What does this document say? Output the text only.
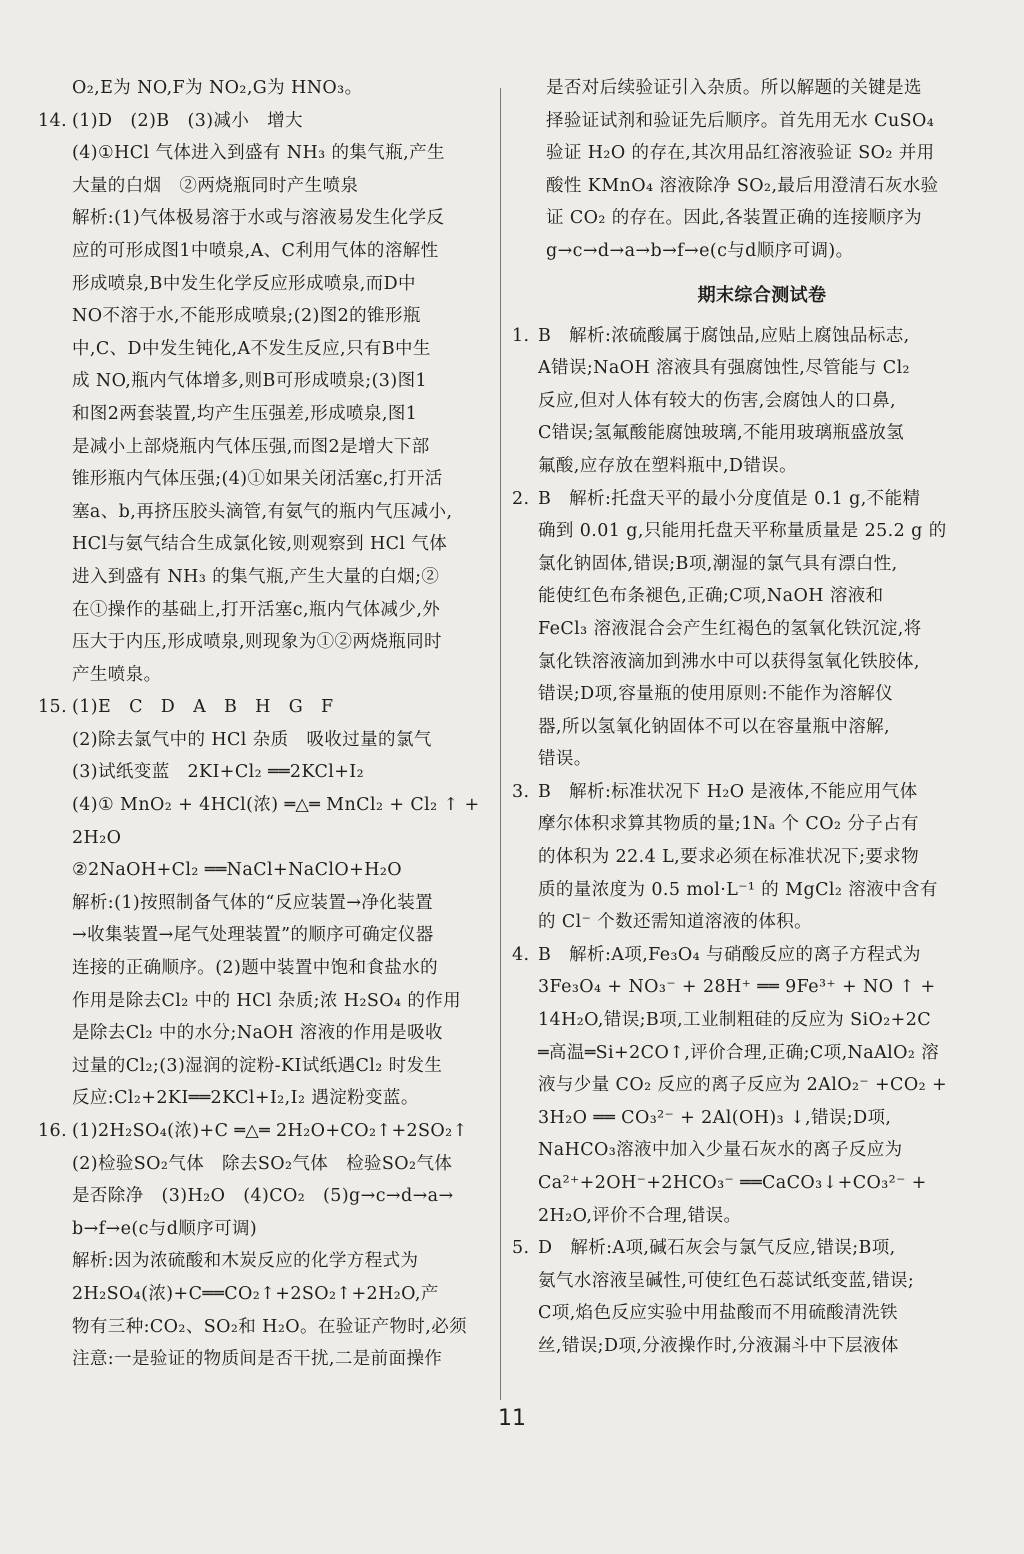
O₂,E为 NO,F为 NO₂,G为 HNO₃。
14. (1)D　(2)B　(3)减小　增大
(4)①HCl 气体进入到盛有 NH₃ 的集气瓶,产生
大量的白烟　②两烧瓶同时产生喷泉
解析:(1)气体极易溶于水或与溶液易发生化学反
应的可形成图1中喷泉,A、C利用气体的溶解性
形成喷泉,B中发生化学反应形成喷泉,而D中
NO不溶于水,不能形成喷泉;(2)图2的锥形瓶
中,C、D中发生钝化,A不发生反应,只有B中生
成 NO,瓶内气体增多,则B可形成喷泉;(3)图1
和图2两套装置,均产生压强差,形成喷泉,图1
是减小上部烧瓶内气体压强,而图2是增大下部
锥形瓶内气体压强;(4)①如果关闭活塞c,打开活
塞a、b,再挤压胶头滴管,有氨气的瓶内气压减小,
HCl与氨气结合生成氯化铵,则观察到 HCl 气体
进入到盛有 NH₃ 的集气瓶,产生大量的白烟;②
在①操作的基础上,打开活塞c,瓶内气体减少,外
压大于内压,形成喷泉,则现象为①②两烧瓶同时
产生喷泉。
15. (1)E　C　D　A　B　H　G　F
(2)除去氯气中的 HCl 杂质　吸收过量的氯气
(3)试纸变蓝　2KI+Cl₂ ══2KCl+I₂
(4)① MnO₂ + 4HCl(浓) ═△═ MnCl₂ + Cl₂ ↑ +
2H₂O
②2NaOH+Cl₂ ══NaCl+NaClO+H₂O
解析:(1)按照制备气体的“反应装置→净化装置
→收集装置→尾气处理装置”的顺序可确定仪器
连接的正确顺序。(2)题中装置中饱和食盐水的
作用是除去Cl₂ 中的 HCl 杂质;浓 H₂SO₄ 的作用
是除去Cl₂ 中的水分;NaOH 溶液的作用是吸收
过量的Cl₂;(3)湿润的淀粉-KI试纸遇Cl₂ 时发生
反应:Cl₂+2KI══2KCl+I₂,I₂ 遇淀粉变蓝。
16. (1)2H₂SO₄(浓)+C ═△═ 2H₂O+CO₂↑+2SO₂↑
(2)检验SO₂气体　除去SO₂气体　检验SO₂气体
是否除净　(3)H₂O　(4)CO₂　(5)g→c→d→a→
b→f→e(c与d顺序可调)
解析:因为浓硫酸和木炭反应的化学方程式为
2H₂SO₄(浓)+C══CO₂↑+2SO₂↑+2H₂O,产
物有三种:CO₂、SO₂和 H₂O。在验证产物时,必须
注意:一是验证的物质间是否干扰,二是前面操作
是否对后续验证引入杂质。所以解题的关键是选
择验证试剂和验证先后顺序。首先用无水 CuSO₄
验证 H₂O 的存在,其次用品红溶液验证 SO₂ 并用
酸性 KMnO₄ 溶液除净 SO₂,最后用澄清石灰水验
证 CO₂ 的存在。因此,各装置正确的连接顺序为
g→c→d→a→b→f→e(c与d顺序可调)。
期末综合测试卷
1. B　解析:浓硫酸属于腐蚀品,应贴上腐蚀品标志,
A错误;NaOH 溶液具有强腐蚀性,尽管能与 Cl₂
反应,但对人体有较大的伤害,会腐蚀人的口鼻,
C错误;氢氟酸能腐蚀玻璃,不能用玻璃瓶盛放氢
氟酸,应存放在塑料瓶中,D错误。
2. B　解析:托盘天平的最小分度值是 0.1 g,不能精
确到 0.01 g,只能用托盘天平称量质量是 25.2 g 的
氯化钠固体,错误;B项,潮湿的氯气具有漂白性,
能使红色布条褪色,正确;C项,NaOH 溶液和
FeCl₃ 溶液混合会产生红褐色的氢氧化铁沉淀,将
氯化铁溶液滴加到沸水中可以获得氢氧化铁胶体,
错误;D项,容量瓶的使用原则:不能作为溶解仪
器,所以氢氧化钠固体不可以在容量瓶中溶解,
错误。
3. B　解析:标准状况下 H₂O 是液体,不能应用气体
摩尔体积求算其物质的量;1Nₐ 个 CO₂ 分子占有
的体积为 22.4 L,要求必须在标准状况下;要求物
质的量浓度为 0.5 mol·L⁻¹ 的 MgCl₂ 溶液中含有
的 Cl⁻ 个数还需知道溶液的体积。
4. B　解析:A项,Fe₃O₄ 与硝酸反应的离子方程式为
3Fe₃O₄ + NO₃⁻ + 28H⁺ ══ 9Fe³⁺ + NO ↑ +
14H₂O,错误;B项,工业制粗硅的反应为 SiO₂+2C
═高温═Si+2CO↑,评价合理,正确;C项,NaAlO₂ 溶
液与少量 CO₂ 反应的离子反应为 2AlO₂⁻ +CO₂ +
3H₂O ══ CO₃²⁻ + 2Al(OH)₃ ↓,错误;D项,
NaHCO₃溶液中加入少量石灰水的离子反应为
Ca²⁺+2OH⁻+2HCO₃⁻ ══CaCO₃↓+CO₃²⁻ +
2H₂O,评价不合理,错误。
5. D　解析:A项,碱石灰会与氯气反应,错误;B项,
氨气水溶液呈碱性,可使红色石蕊试纸变蓝,错误;
C项,焰色反应实验中用盐酸而不用硫酸清洗铁
丝,错误;D项,分液操作时,分液漏斗中下层液体
11
